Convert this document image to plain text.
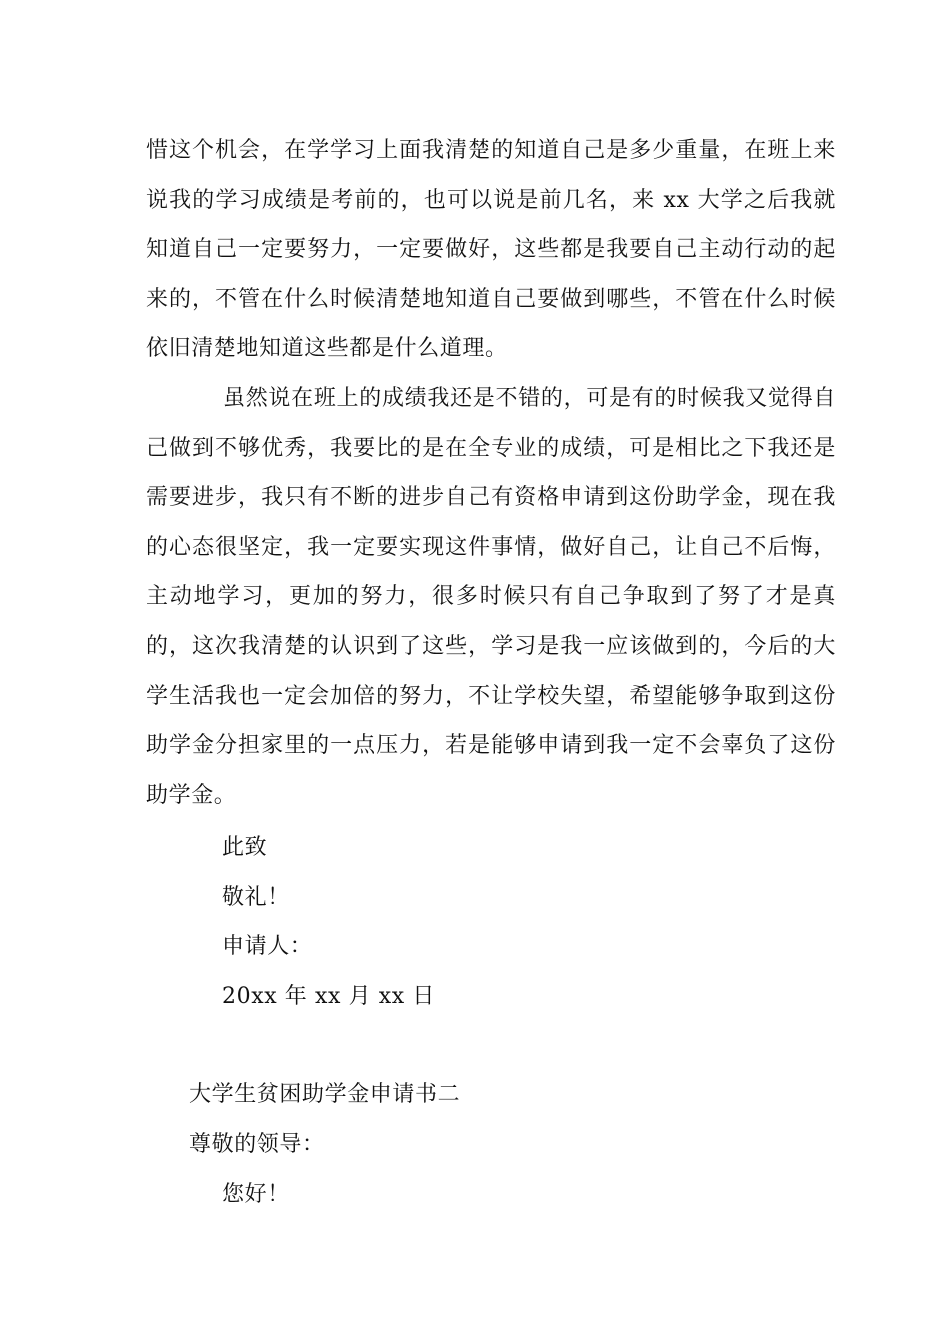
惜这个机会，在学学习上面我清楚的知道自己是多少重量，在班上来说我的学习成绩是考前的，也可以说是前几名，来 xx 大学之后我就知道自己一定要努力，一定要做好，这些都是我要自己主动行动的起来的，不管在什么时候清楚地知道自己要做到哪些，不管在什么时候依旧清楚地知道这些都是什么道理。

虽然说在班上的成绩我还是不错的，可是有的时候我又觉得自己做到不够优秀，我要比的是在全专业的成绩，可是相比之下我还是需要进步，我只有不断的进步自己有资格申请到这份助学金，现在我的心态很坚定，我一定要实现这件事情，做好自己，让自己不后悔，主动地学习，更加的努力，很多时候只有自己争取到了努了才是真的，这次我清楚的认识到了这些，学习是我一应该做到的，今后的大学生活我也一定会加倍的努力，不让学校失望，希望能够争取到这份助学金分担家里的一点压力，若是能够申请到我一定不会辜负了这份助学金。

此致

敬礼！

申请人：

20xx 年 xx 月 xx 日

大学生贫困助学金申请书二

尊敬的领导：

您好！
